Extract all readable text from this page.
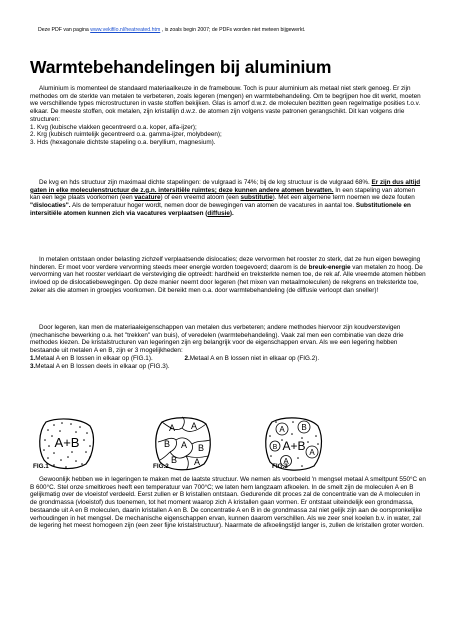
Deze PDF van pagina www.vekifilo.nl/heatreated.htm , is zoals begin 2007; de PDFs worden niet meteen bijgewerkt.
Warmtebehandelingen bij aluminium

Aluminium is momenteel de standaard materiaalkeuze in de framebouw. Toch is puur aluminium als metaal niet sterk genoeg. Er zijn methodes om de sterkte van metalen te verbeteren, zoals legeren (mengen) en warmtebehandeling. Om te begrijpen hoe dit werkt, moeten we verschillende types microstructuren in vaste stoffen bekijken. Glas is amorf d.w.z. de moleculen bezitten geen regelmatige posities t.o.v. elkaar. De meeste stoffen, ook metalen, zijn kristallijn d.w.z. de atomen zijn volgens vaste patronen gerangschikt. Dit kan volgens drie structuren:

1. Kvg (kubische vlakken gecentreerd o.a. koper, alfa-ijzer);
2. Krg (kubisch ruimtelijk gecentreerd o.a. gamma-ijzer, molybdeen);
3. Hds (hexagonale dichtste stapeling o.a. beryllium, magnesium).

De kvg en hds structuur zijn maximaal dichte stapelingen: de vulgraad is 74%; bij de krg structuur is de vulgraad 68%. Er zijn dus altijd gaten in elke moleculenstructuur de z.g.n. intersitiële ruimtes; deze kunnen andere atomen bevatten. In een stapeling van atomen kan een lege plaats voorkomen (een vacature) of een vreemd atoom (een substitutie). Met een algemene term noemen we deze fouten "dislocaties". Als de temperatuur hoger wordt, nemen door de bewegingen van atomen de vacatures in aantal toe. Substitutionele en intersitiële atomen kunnen zich via vacatures verplaatsen (diffusie).

In metalen ontstaan onder belasting zichzelf verplaatsende dislocaties; deze vervormen het rooster zo sterk, dat ze hun eigen beweging hinderen. Er moet voor verdere vervorming steeds meer energie worden toegevoerd; daarom is de breuk-energie van metalen zo hoog. De vervorming van het rooster verklaart de versteviging die optreedt: hardheid en treksterkte nemen toe, de rek af. Alle vreemde atomen hebben invloed op de dislocatiebewegingen. Op deze manier neemt door legeren (het mixen van metaalmoleculen) de rekgrens en treksterkte toe, zeker als die atomen in groepjes voorkomen. Dit bereikt men o.a. door warmtebehandeling (de diffusie verloopt dan sneller)!

Door legeren, kan men de materiaaleigenschappen van metalen dus verbeteren; andere methodes hiervoor zijn koudverstevigen (mechanische bewerking o.a. het "trekken" van buis), of veredelen (warmtebehandeling). Vaak zal men een combinatie van deze drie methodes kiezen. De kristalstructuren van legeringen zijn erg belangrijk voor de eigenschappen ervan. Als we een legering hebben bestaande uit metalen A en B, zijn er 3 mogelijkheden:

1.Metaal A en B lossen in elkaar op (FIG.1).	2.Metaal A en B lossen niet in elkaar op (FIG.2).
3.Metaal A en B lossen deels in elkaar op (FIG.3).
A+B
A A
B A B
B A
A B
B
A
A
A+B
FIG.1	FIG.2	FIG.3

Gewoonlijk hebben we in legeringen te maken met de laatste structuur. We nemen als voorbeeld 'n mengsel metaal A smeltpunt 550°C en B 600°C. Stel onze smeltkroes heeft een temperatuur van 700°C; we laten hem langzaam afkoelen. In de smelt zijn de moleculen A en B gelijkmatig over de vloeistof verdeeld. Eerst zullen er B kristallen ontstaan. Gedurende dit proces zal de concentratie van de A moleculen in de grondmassa (vloeistof) dus toenemen, tot het moment waarop zich A kristallen gaan vormen. Er ontstaat uiteindelijk een grondmassa, bestaande uit A en B moleculen, daarin kristallen A en B. De concentratie A en B in de grondmassa zal niet gelijk zijn aan de oorspronkelijke verhoudingen in het mengsel. De mechanische eigenschappen ervan, kunnen daarom verschillen. Als we zeer snel koelen b.v. in water, zal de legering het meest homogeen zijn (een zeer fijne kristalstructuur). Naarmate de afkoelingstijd langer is, zullen de kristallen groter worden.
